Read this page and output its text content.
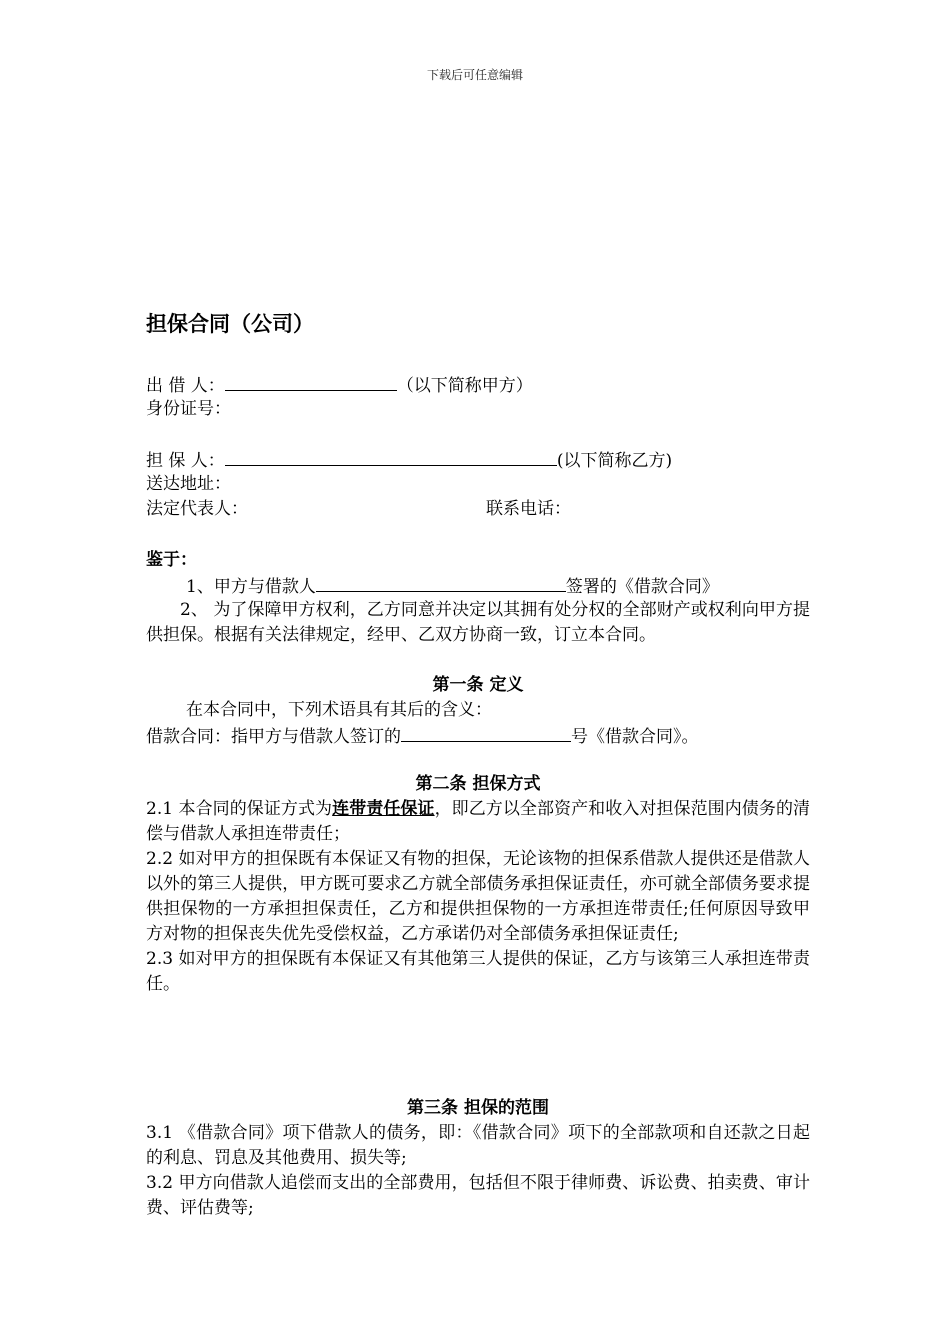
下载后可任意编辑
担保合同（公司）
出 借 人：	（以下简称甲方）
身份证号：
担 保 人：	(以下简称乙方)
送达地址：
法定代表人：	联系电话：
鉴于：
1、甲方与借款人	签署的《借款合同》

2、 为了保障甲方权利，乙方同意并决定以其拥有处分权的全部财产或权利向甲方提供担保。根据有关法律规定，经甲、乙双方协商一致，订立本合同。

第一条 定义
在本合同中，下列术语具有其后的含义：
借款合同：指甲方与借款人签订的	号《借款合同》。
第二条 担保方式

2.1 本合同的保证方式为连带责任保证，即乙方以全部资产和收入对担保范围内债务的清偿与借款人承担连带责任；

2.2 如对甲方的担保既有本保证又有物的担保，无论该物的担保系借款人提供还是借款人以外的第三人提供，甲方既可要求乙方就全部债务承担保证责任，亦可就全部债务要求提供担保物的一方承担担保责任，乙方和提供担保物的一方承担连带责任;任何原因导致甲方对物的担保丧失优先受偿权益，乙方承诺仍对全部债务承担保证责任;

2.3 如对甲方的担保既有本保证又有其他第三人提供的保证，乙方与该第三人承担连带责任。

第三条 担保的范围

3.1 《借款合同》项下借款人的债务，即：《借款合同》项下的全部款项和自还款之日起的利息、罚息及其他费用、损失等;

3.2 甲方向借款人追偿而支出的全部费用，包括但不限于律师费、诉讼费、拍卖费、审计费、评估费等;
